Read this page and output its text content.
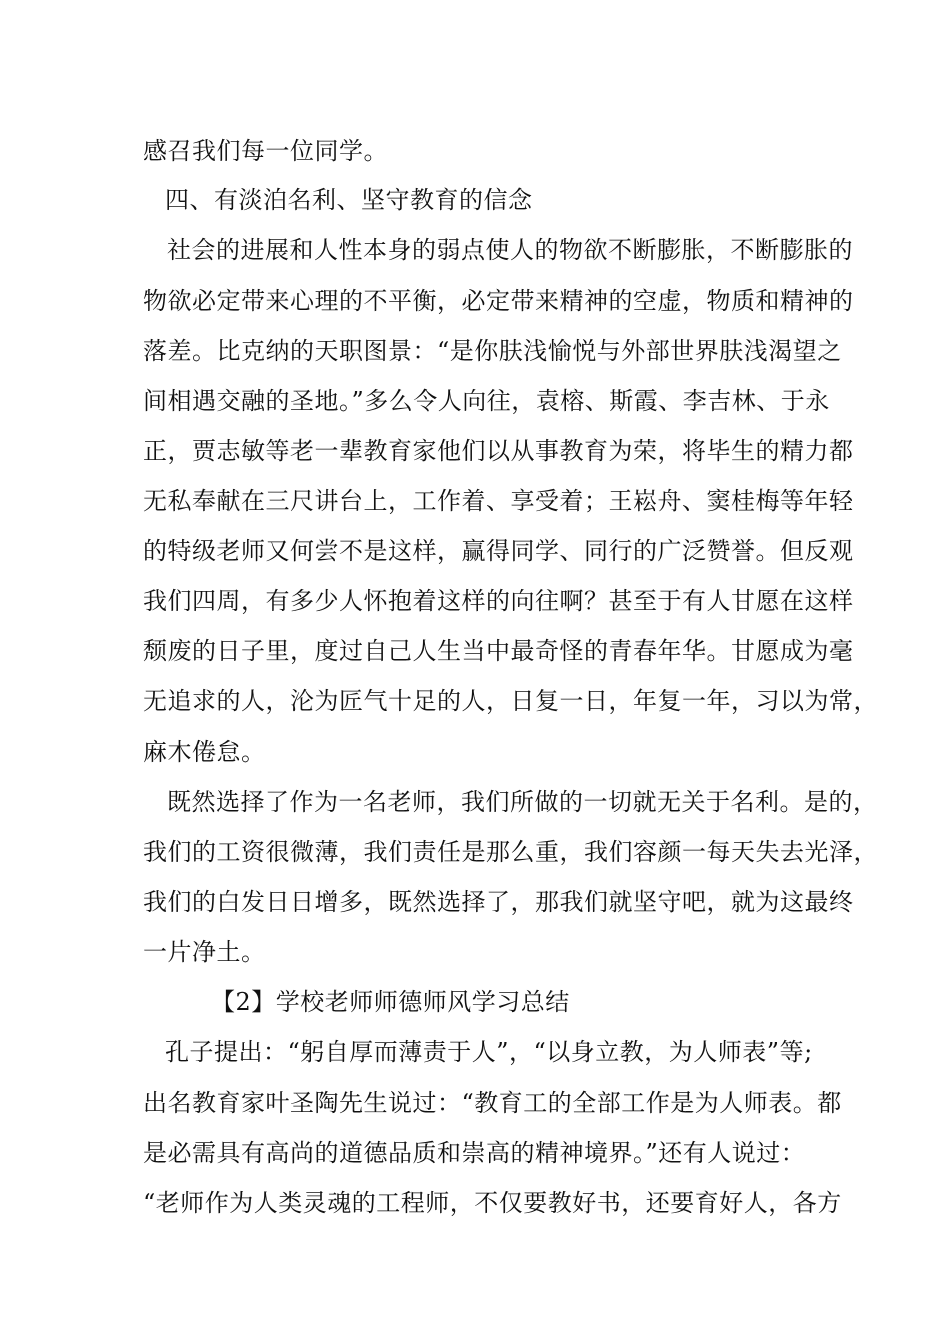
感召我们每一位同学。
四、有淡泊名利、坚守教育的信念
社会的进展和人性本身的弱点使人的物欲不断膨胀，不断膨胀的
物欲必定带来心理的不平衡，必定带来精神的空虚，物质和精神的
落差。比克纳的天职图景：“是你肤浅愉悦与外部世界肤浅渴望之
间相遇交融的圣地。”多么令人向往，袁榕、斯霞、李吉林、于永
正，贾志敏等老一辈教育家他们以从事教育为荣，将毕生的精力都
无私奉献在三尺讲台上，工作着、享受着；王崧舟、窦桂梅等年轻
的特级老师又何尝不是这样，赢得同学、同行的广泛赞誉。但反观
我们四周，有多少人怀抱着这样的向往啊？甚至于有人甘愿在这样
颓废的日子里，度过自己人生当中最奇怪的青春年华。甘愿成为毫
无追求的人，沦为匠气十足的人，日复一日，年复一年，习以为常，
麻木倦怠。
既然选择了作为一名老师，我们所做的一切就无关于名利。是的，
我们的工资很微薄，我们责任是那么重，我们容颜一每天失去光泽，
我们的白发日日增多，既然选择了，那我们就坚守吧，就为这最终
一片净土。
【2】学校老师师德师风学习总结
孔子提出：“躬自厚而薄责于人”，“以身立教，为人师表”等;
出名教育家叶圣陶先生说过：“教育工的全部工作是为人师表。都
是必需具有高尚的道德品质和崇高的精神境界。”还有人说过：
“老师作为人类灵魂的工程师，不仅要教好书，还要育好人，各方
